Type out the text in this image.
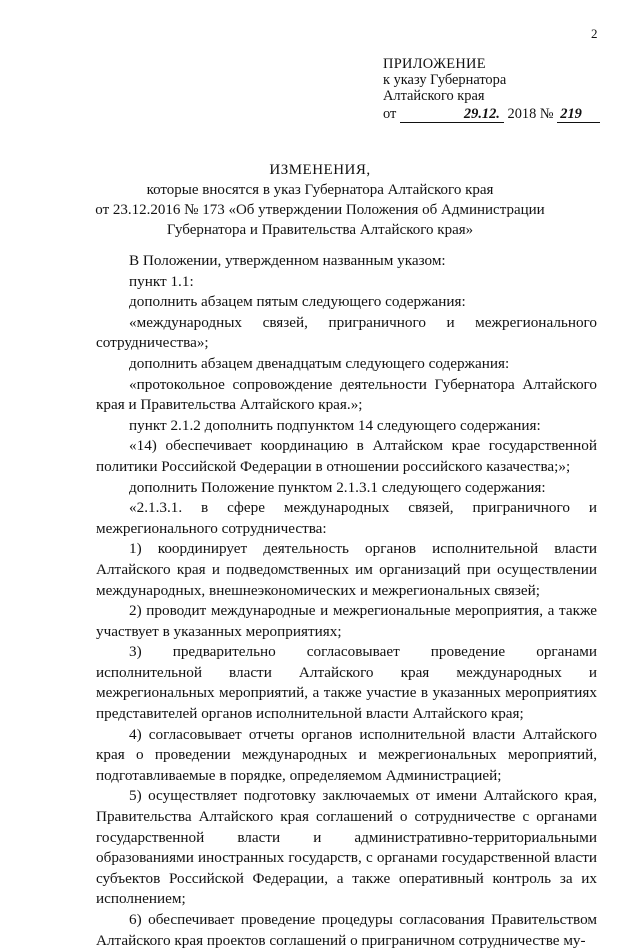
2
ПРИЛОЖЕНИЕ
к указу Губернатора
Алтайского края
от	29.12. 2018 № 219
ИЗМЕНЕНИЯ,
которые вносятся в указ Губернатора Алтайского края
от 23.12.2016 № 173 «Об утверждении Положения об Администрации
Губернатора и Правительства Алтайского края»

В Положении, утвержденном названным указом:

пункт 1.1:

дополнить абзацем пятым следующего содержания:

«международных связей, приграничного и межрегионального сотрудничества»;

дополнить абзацем двенадцатым следующего содержания:

«протокольное сопровождение деятельности Губернатора Алтайского края и Правительства Алтайского края.»;

пункт 2.1.2 дополнить подпунктом 14 следующего содержания:

«14) обеспечивает координацию в Алтайском крае государственной политики Российской Федерации в отношении российского казачества;»;

дополнить Положение пунктом 2.1.3.1 следующего содержания:

«2.1.3.1. в сфере международных связей, приграничного и межрегионального сотрудничества:

1) координирует деятельность органов исполнительной власти Алтайского края и подведомственных им организаций при осуществлении международных, внешнеэкономических и межрегиональных связей;

2) проводит международные и межрегиональные мероприятия, а также участвует в указанных мероприятиях;

3) предварительно согласовывает проведение органами исполнительной власти Алтайского края международных и межрегиональных мероприятий, а также участие в указанных мероприятиях представителей органов исполнительной власти Алтайского края;

4) согласовывает отчеты органов исполнительной власти Алтайского края о проведении международных и межрегиональных мероприятий, подготавливаемые в порядке, определяемом Администрацией;

5) осуществляет подготовку заключаемых от имени Алтайского края, Правительства Алтайского края соглашений о сотрудничестве с органами государственной власти и административно-территориальными образованиями иностранных государств, с органами государственной власти субъектов Российской Федерации, а также оперативный контроль за их исполнением;

6) обеспечивает проведение процедуры согласования Правительством Алтайского края проектов соглашений о приграничном сотрудничестве му-
